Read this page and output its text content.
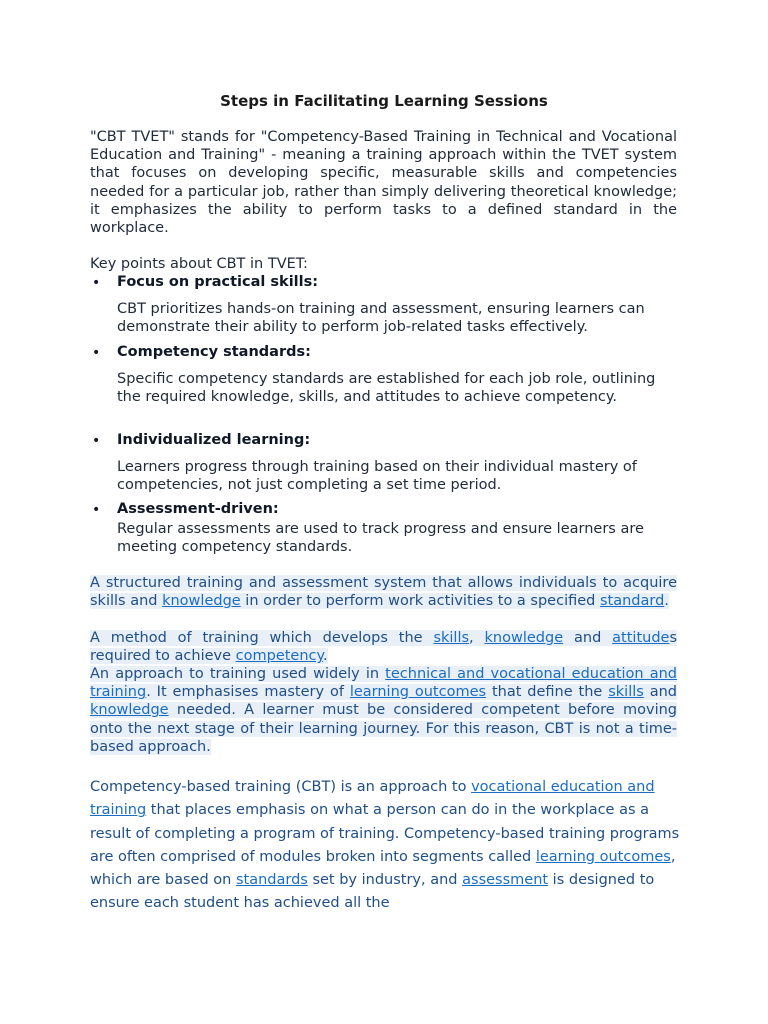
Steps in Facilitating Learning Sessions

"CBT TVET" stands for "Competency-Based Training in Technical and Vocational Education and Training" - meaning a training approach within the TVET system that focuses on developing specific, measurable skills and competencies needed for a particular job, rather than simply delivering theoretical knowledge; it emphasizes the ability to perform tasks to a defined standard in the workplace.

Key points about CBT in TVET:
• Focus on practical skills:

CBT prioritizes hands-on training and assessment, ensuring learners can demonstrate their ability to perform job-related tasks effectively.

• Competency standards:

Specific competency standards are established for each job role, outlining the required knowledge, skills, and attitudes to achieve competency.

• Individualized learning:

Learners progress through training based on their individual mastery of competencies, not just completing a set time period.

• Assessment-driven:

Regular assessments are used to track progress and ensure learners are meeting competency standards.

A structured training and assessment system that allows individuals to acquire skills and knowledge in order to perform work activities to a specified standard.

A method of training which develops the skills, knowledge and attitudes required to achieve competency.

An approach to training used widely in technical and vocational education and training. It emphasises mastery of learning outcomes that define the skills and knowledge needed. A learner must be considered competent before moving onto the next stage of their learning journey. For this reason, CBT is not a time-based approach.

Competency-based training (CBT) is an approach to vocational education and training that places emphasis on what a person can do in the workplace as a result of completing a program of training. Competency-based training programs are often comprised of modules broken into segments called learning outcomes, which are based on standards set by industry, and assessment is designed to ensure each student has achieved all the
